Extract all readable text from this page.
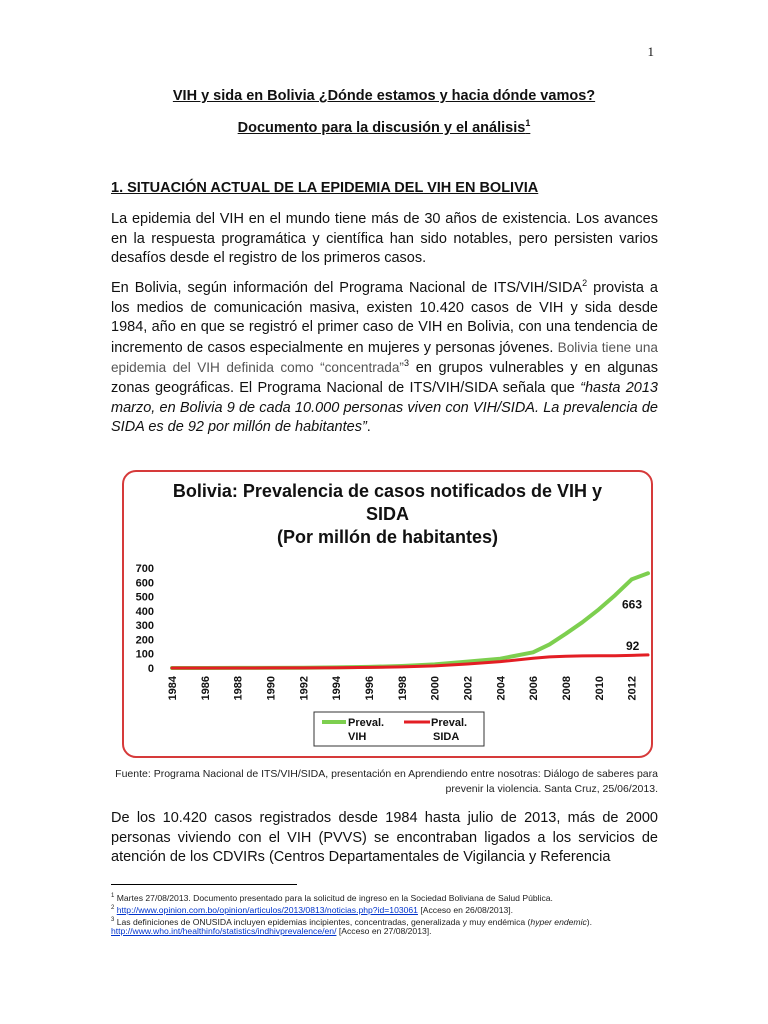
1
VIH y sida en Bolivia ¿Dónde estamos y hacia dónde vamos?
Documento para la discusión y el análisis$^1$
1. SITUACIÓN ACTUAL DE LA EPIDEMIA DEL VIH EN BOLIVIA
La epidemia del VIH en el mundo tiene más de 30 años de existencia. Los avances en la respuesta programática y científica han sido notables, pero persisten varios desafíos desde el registro de los primeros casos.
En Bolivia, según información del Programa Nacional de ITS/VIH/SIDA$^2$ provista a los medios de comunicación masiva, existen 10.420 casos de VIH y sida desde 1984, año en que se registró el primer caso de VIH en Bolivia, con una tendencia de incremento de casos especialmente en mujeres y personas jóvenes. Bolivia tiene una epidemia del VIH definida como “concentrada”$^3$ en grupos vulnerables y en algunas zonas geográficas. El Programa Nacional de ITS/VIH/SIDA señala que “hasta 2013 marzo, en Bolivia 9 de cada 10.000 personas viven con VIH/SIDA. La prevalencia de SIDA es de 92 por millón de habitantes”.
Bolivia: Prevalencia de casos notificados de VIH y
SIDA
(Por millón de habitantes)
0
100
200
300
400
500
600
700
1984 1986 1988 1990 1992 1994 1996 1998 2000 2002 2004 2006 2008 2010 2012
663
92
Preval.
VIH
Preval.
SIDA
Fuente: Programa Nacional de ITS/VIH/SIDA, presentación en Aprendiendo entre nosotras: Diálogo de saberes para prevenir la violencia. Santa Cruz, 25/06/2013.
De los 10.420 casos registrados desde 1984 hasta julio de 2013, más de 2000 personas viviendo con el VIH (PVVS) se encontraban ligados a los servicios de atención de los CDVIRs (Centros Departamentales de Vigilancia y Referencia
$^1$ Martes 27/08/2013. Documento presentado para la solicitud de ingreso en la Sociedad Boliviana de Salud Pública.
$^2$ http://www.opinion.com.bo/opinion/articulos/2013/0813/noticias.php?id=103061 [Acceso en 26/08/2013].
$^3$ Las definiciones de ONUSIDA incluyen epidemias incipientes, concentradas, generalizada y muy endémica (hyper endemic).
http://www.who.int/healthinfo/statistics/indhivprevalence/en/ [Acceso en 27/08/2013].
